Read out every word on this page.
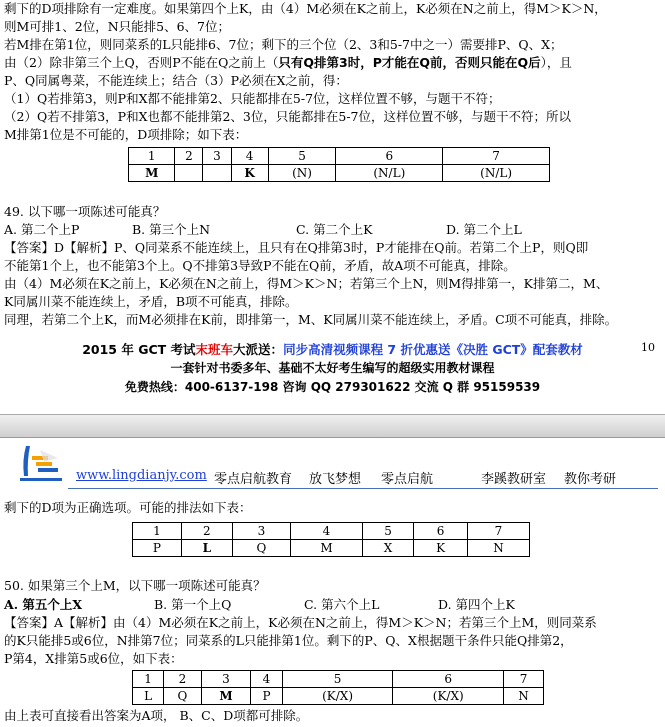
剩下的D项排除有一定难度。如果第四个上K，由（4）M必须在K之前上，K必须在N之前上，得M＞K＞N，
则M可排1、2位，N只能排5、6、7位；
若M排在第1位，则同菜系的L只能排6、7位；剩下的三个位（2、3和5-7中之一）需要排P、Q、X；
由（2）除非第三个上Q，否则P不能在Q之前上（只有Q排第3时，P才能在Q前，否则只能在Q后），且
P、Q同属粤菜，不能连续上；结合（3）P必须在X之前，得：
（1）Q若排第3，则P和X都不能排第2、只能都排在5-7位，这样位置不够，与题干不符；
（2）Q若不排第3，P和X也都不能排第2、3位，只能都排在5-7位，这样位置不够，与题干不符；所以
M排第1位是不可能的，D项排除；如下表：
1	2	3	4	5	6	7
M			K	(N)	(N/L)	(N/L)
49. 以下哪一项陈述可能真？
A. 第二个上P	B. 第三个上N	C. 第二个上K	D. 第二个上L
【答案】D【解析】P、Q同菜系不能连续上，且只有在Q排第3时，P才能排在Q前。若第二个上P，则Q即
不能第1个上，也不能第3个上。Q不排第3导致P不能在Q前，矛盾，故A项不可能真，排除。
由（4）M必须在K之前上，K必须在N之前上，得M＞K＞N；若第三个上N，则M得排第一，K排第二，M、
K同属川菜不能连续上，矛盾，B项不可能真，排除。
同理，若第二个上K，而M必须排在K前，即排第一，M、K同属川菜不能连续上，矛盾。C项不可能真，排除。
2015 年 GCT 考试末班车大派送：同步高清视频课程 7 折优惠送《决胜 GCT》配套教材	10
一套针对书委多年、基础不太好考生编写的超级实用教材课程
免费热线：400-6137-198 咨询 QQ 279301622 交流 Q 群 95159539
www.lingdianjy.com 零点启航教育 放飞梦想 零点启航	李蹊教研室 教你考研
剩下的D项为正确选项。可能的排法如下表：
1	2	3	4	5	6	7
P	L	Q	M	X	K	N
50. 如果第三个上M，以下哪一项陈述可能真？
A. 第五个上X	B. 第一个上Q	C. 第六个上L	D. 第四个上K
【答案】A【解析】由（4）M必须在K之前上，K必须在N之前上，得M＞K＞N；若第三个上M，则同菜系
的K只能排5或6位，N排第7位；同菜系的L只能排第1位。剩下的P、Q、X根据题干条件只能Q排第2，
P第4，X排第5或6位，如下表：
1	2	3	4	5	6	7
L	Q	M	P	(K/X)	(K/X)	N
由上表可直接看出答案为A项， B、C、D项都可排除。
